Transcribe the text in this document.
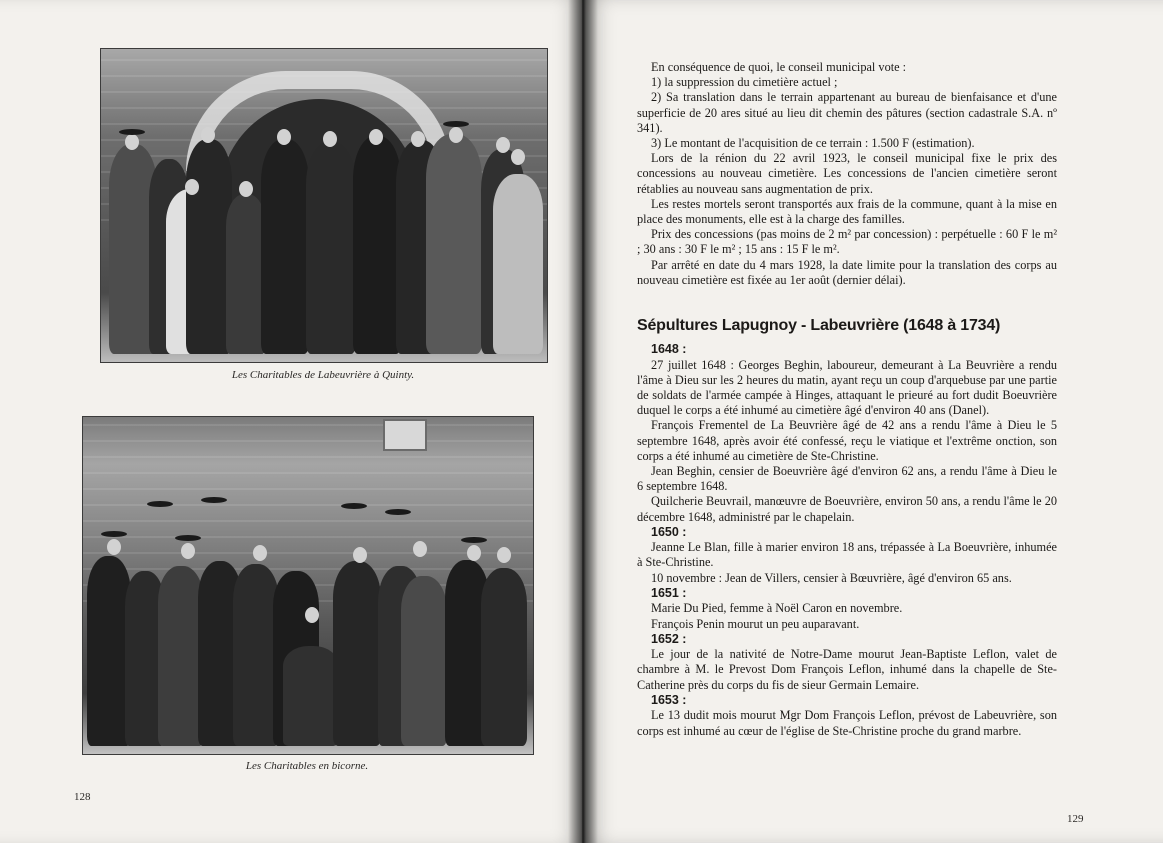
Les Charitables de Labeuvrière à Quinty.
Les Charitables en bicorne.
128

En conséquence de quoi, le conseil municipal vote :

1) la suppression du cimetière actuel ;

2) Sa translation dans le terrain appartenant au bureau de bienfaisance et d'une superficie de 20 ares situé au lieu dit chemin des pâtures (section cadastrale S.A. nº 341).

3) Le montant de l'acquisition de ce terrain : 1.500 F (estimation).

Lors de la rénion du 22 avril 1923, le conseil municipal fixe le prix des concessions au nouveau cimetière. Les concessions de l'ancien cimetière seront rétablies au nouveau sans augmentation de prix.

Les restes mortels seront transportés aux frais de la commune, quant à la mise en place des monuments, elle est à la charge des familles.

Prix des concessions (pas moins de 2 m² par concession) : perpétuelle : 60 F le m² ; 30 ans : 30 F le m² ; 15 ans : 15 F le m².

Par arrêté en date du 4 mars 1928, la date limite pour la translation des corps au nouveau cimetière est fixée au 1er août (dernier délai).

Sépultures Lapugnoy - Labeuvrière (1648 à 1734)

1648 :

27 juillet 1648 : Georges Beghin, laboureur, demeurant à La Beuvrière a rendu l'âme à Dieu sur les 2 heures du matin, ayant reçu un coup d'arquebuse par une partie de soldats de l'armée campée à Hinges, attaquant le prieuré au fort dudit Boeuvrière duquel le corps a été inhumé au cimetière âgé d'environ 40 ans (Danel).

François Frementel de La Beuvrière âgé de 42 ans a rendu l'âme à Dieu le 5 septembre 1648, après avoir été confessé, reçu le viatique et l'extrême onction, son corps a été inhumé au cimetière de Ste-Christine.

Jean Beghin, censier de Boeuvrière âgé d'environ 62 ans, a rendu l'âme à Dieu le 6 septembre 1648.

Quilcherie Beuvrail, manœuvre de Boeuvrière, environ 50 ans, a rendu l'âme le 20 décembre 1648, administré par le chapelain.

1650 :

Jeanne Le Blan, fille à marier environ 18 ans, trépassée à La Boeuvrière, inhumée à Ste-Christine.

10 novembre : Jean de Villers, censier à Bœuvrière, âgé d'environ 65 ans.

1651 :

Marie Du Pied, femme à Noël Caron en novembre.

François Penin mourut un peu auparavant.

1652 :

Le jour de la nativité de Notre-Dame mourut Jean-Baptiste Leflon, valet de chambre à M. le Prevost Dom François Leflon, inhumé dans la chapelle de Ste-Catherine près du corps du fis de sieur Germain Lemaire.

1653 :

Le 13 dudit mois mourut Mgr Dom François Leflon, prévost de Labeuvrière, son corps est inhumé au cœur de l'église de Ste-Christine proche du grand marbre.

129
